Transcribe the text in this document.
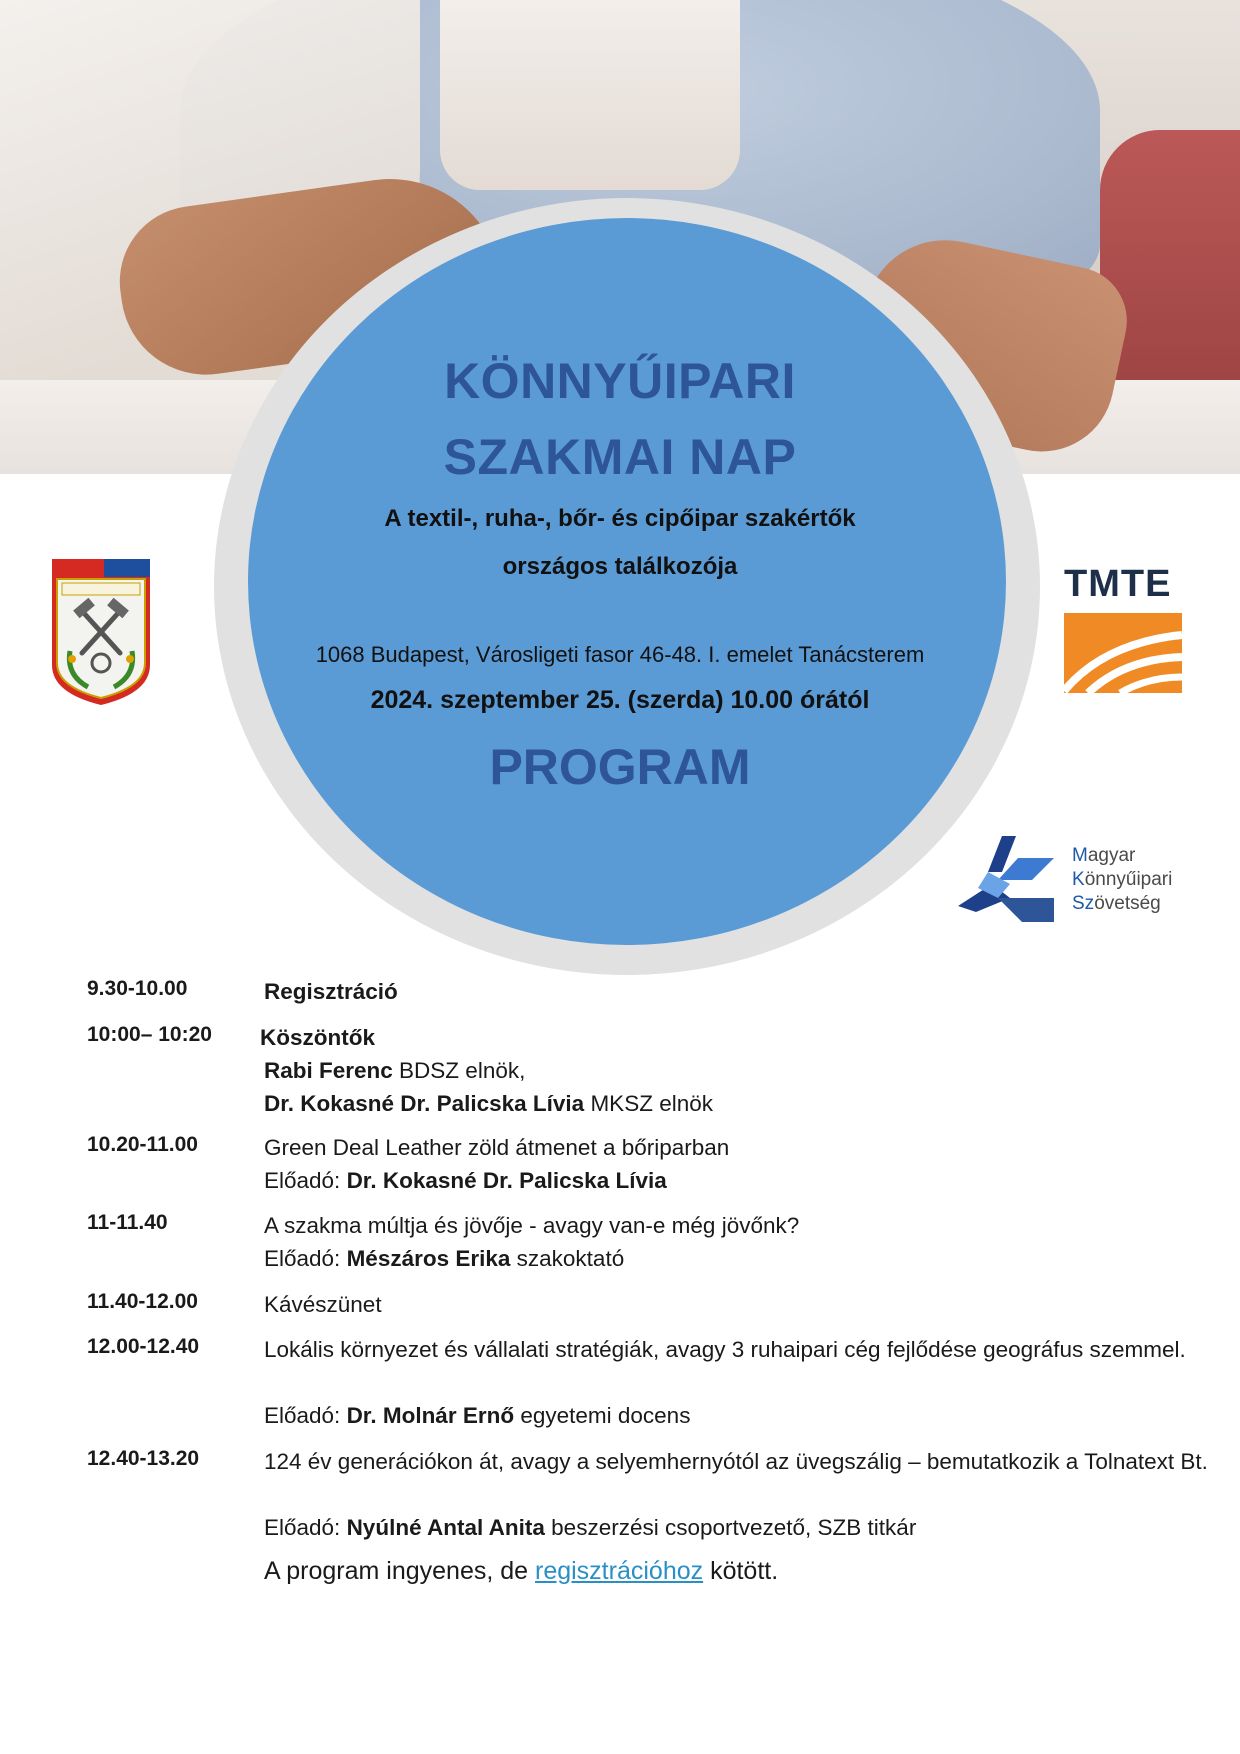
KÖNNYŰIPARI
SZAKMAI NAP
A textil-, ruha-, bőr- és cipőipar szakértők
országos találkozója
1068 Budapest, Városligeti fasor 46-48. I. emelet Tanácsterem
2024. szeptember 25. (szerda) 10.00 órától
PROGRAM
TMTE
Magyar
Könnyűipari
Szövetség
9.30-10.00	Regisztráció
10:00– 10:20 Köszöntők
Rabi Ferenc BDSZ elnök,
Dr. Kokasné Dr. Palicska Lívia MKSZ elnök
10.20-11.00	Green Deal Leather zöld átmenet a bőriparban
Előadó: Dr. Kokasné Dr. Palicska Lívia
11-11.40	A szakma múltja és jövője - avagy van-e még jövőnk?
Előadó: Mészáros Erika szakoktató
11.40-12.00	Kávészünet
12.00-12.40	Lokális környezet és vállalati stratégiák, avagy 3 ruhaipari cég fejlődése geográfus szemmel.
Előadó: Dr. Molnár Ernő egyetemi docens
12.40-13.20	124 év generációkon át, avagy a selyemhernyótól az üvegszálig – bemutatkozik a Tolnatext Bt.
Előadó: Nyúlné Antal Anita beszerzési csoportvezető, SZB titkár
A program ingyenes, de regisztrációhoz kötött.
